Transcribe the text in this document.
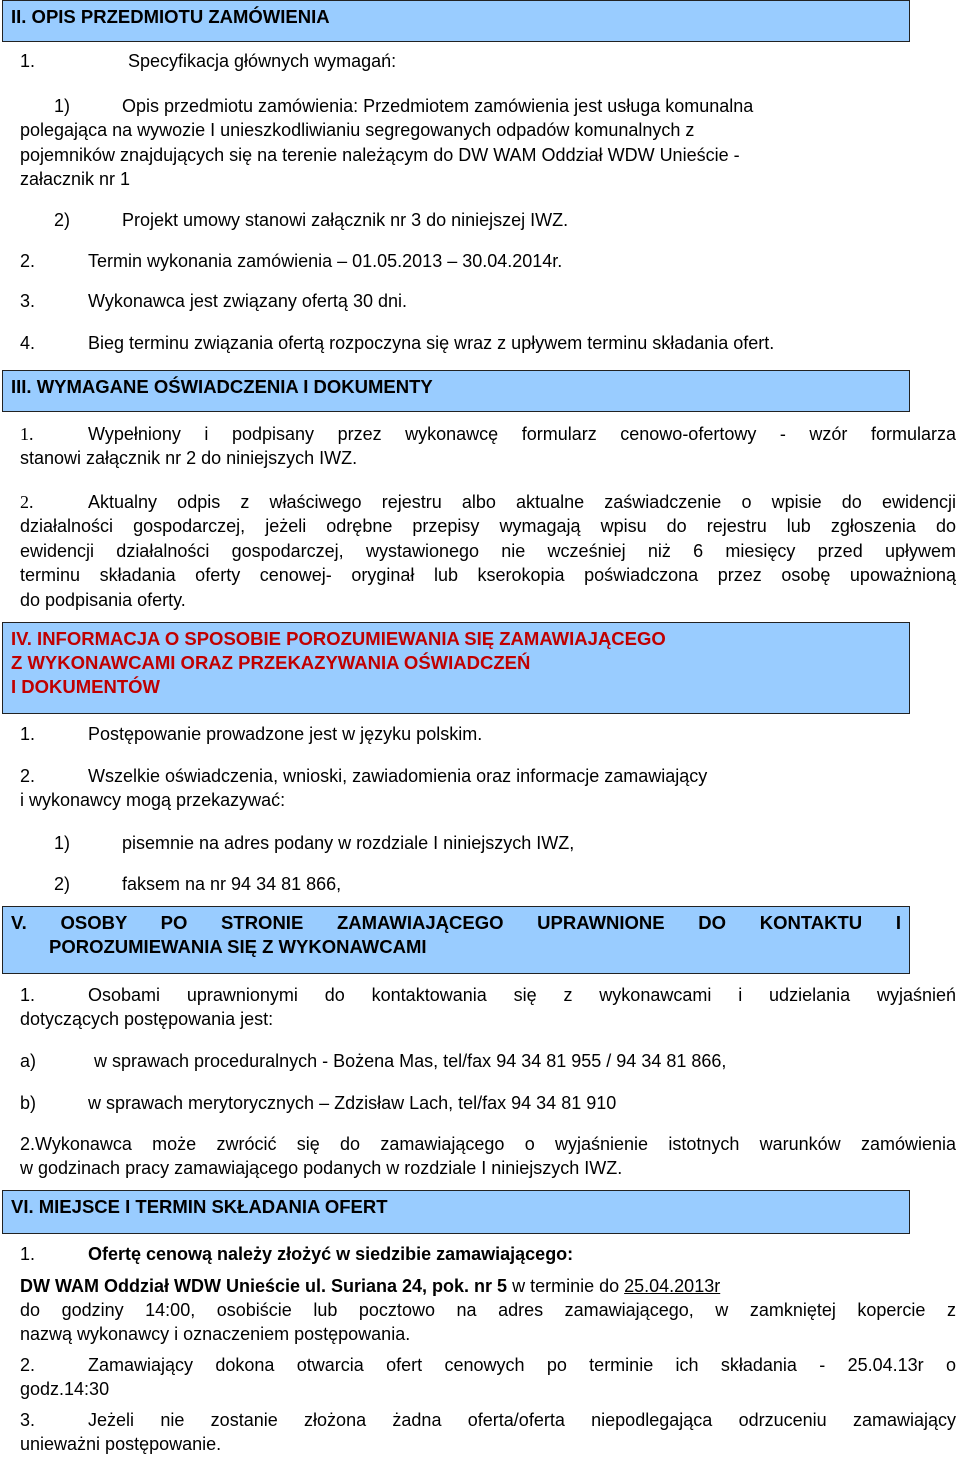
II. OPIS PRZEDMIOTU ZAMÓWIENIA
1.	Specyfikacja głównych wymagań:
1)	Opis przedmiotu zamówienia: Przedmiotem zamówienia jest usługa komunalna
polegająca na wywozie I unieszkodliwianiu segregowanych odpadów komunalnych z
pojemników znajdujących się na terenie należącym do DW WAM Oddział WDW Unieście -
załacznik nr 1
2)	Projekt umowy stanowi załącznik nr 3 do niniejszej IWZ.
2.	Termin wykonania zamówienia – 01.05.2013 – 30.04.2014r.
3.	Wykonawca jest związany ofertą 30 dni.
4.	Bieg terminu związania ofertą rozpoczyna się wraz z upływem terminu składania ofert.
III. WYMAGANE OŚWIADCZENIA I DOKUMENTY
1.	Wypełniony i podpisany przez wykonawcę formularz cenowo-ofertowy - wzór formularza
stanowi załącznik nr 2 do niniejszych IWZ.
2.	Aktualny odpis z właściwego rejestru albo aktualne zaświadczenie o wpisie do ewidencji
działalności gospodarczej, jeżeli odrębne przepisy wymagają wpisu do rejestru lub zgłoszenia do
ewidencji działalności gospodarczej, wystawionego nie wcześniej niż 6 miesięcy przed upływem
terminu składania oferty cenowej- oryginał lub kserokopia poświadczona przez osobę upoważnioną
do podpisania oferty.
IV. INFORMACJA O SPOSOBIE POROZUMIEWANIA SIĘ ZAMAWIAJĄCEGO
Z WYKONAWCAMI ORAZ PRZEKAZYWANIA OŚWIADCZEŃ
I DOKUMENTÓW
1.	Postępowanie prowadzone jest w języku polskim.
2.	Wszelkie oświadczenia, wnioski, zawiadomienia oraz informacje zamawiający
i wykonawcy mogą przekazywać:
1)	pisemnie na adres podany w rozdziale I niniejszych IWZ,
2)	faksem na nr 94 34 81 866,
V. OSOBY PO STRONIE ZAMAWIAJĄCEGO UPRAWNIONE DO KONTAKTU I
POROZUMIEWANIA SIĘ Z WYKONAWCAMI
1.	Osobami uprawnionymi do kontaktowania się z wykonawcami i udzielania wyjaśnień
dotyczących postępowania jest:
a)	w sprawach proceduralnych - Bożena Mas, tel/fax 94 34 81 955 / 94 34 81 866,
b)	w sprawach merytorycznych – Zdzisław Lach, tel/fax 94 34 81 910
2.Wykonawca może zwrócić się do zamawiającego o wyjaśnienie istotnych warunków zamówienia
w godzinach pracy zamawiającego podanych w rozdziale I niniejszych IWZ.
VI. MIEJSCE I TERMIN SKŁADANIA OFERT
1.	Ofertę cenową należy złożyć w siedzibie zamawiającego:
DW WAM Oddział WDW Unieście ul. Suriana 24, pok. nr 5 w terminie do 25.04.2013r
do godziny 14:00, osobiście lub pocztowo na adres zamawiającego, w zamkniętej kopercie z
nazwą wykonawcy i oznaczeniem postępowania.
2.	Zamawiający dokona otwarcia ofert cenowych po terminie ich składania - 25.04.13r o
godz.14:30
3.	Jeżeli nie zostanie złożona żadna oferta/oferta niepodlegająca odrzuceniu zamawiający
unieważni postępowanie.
